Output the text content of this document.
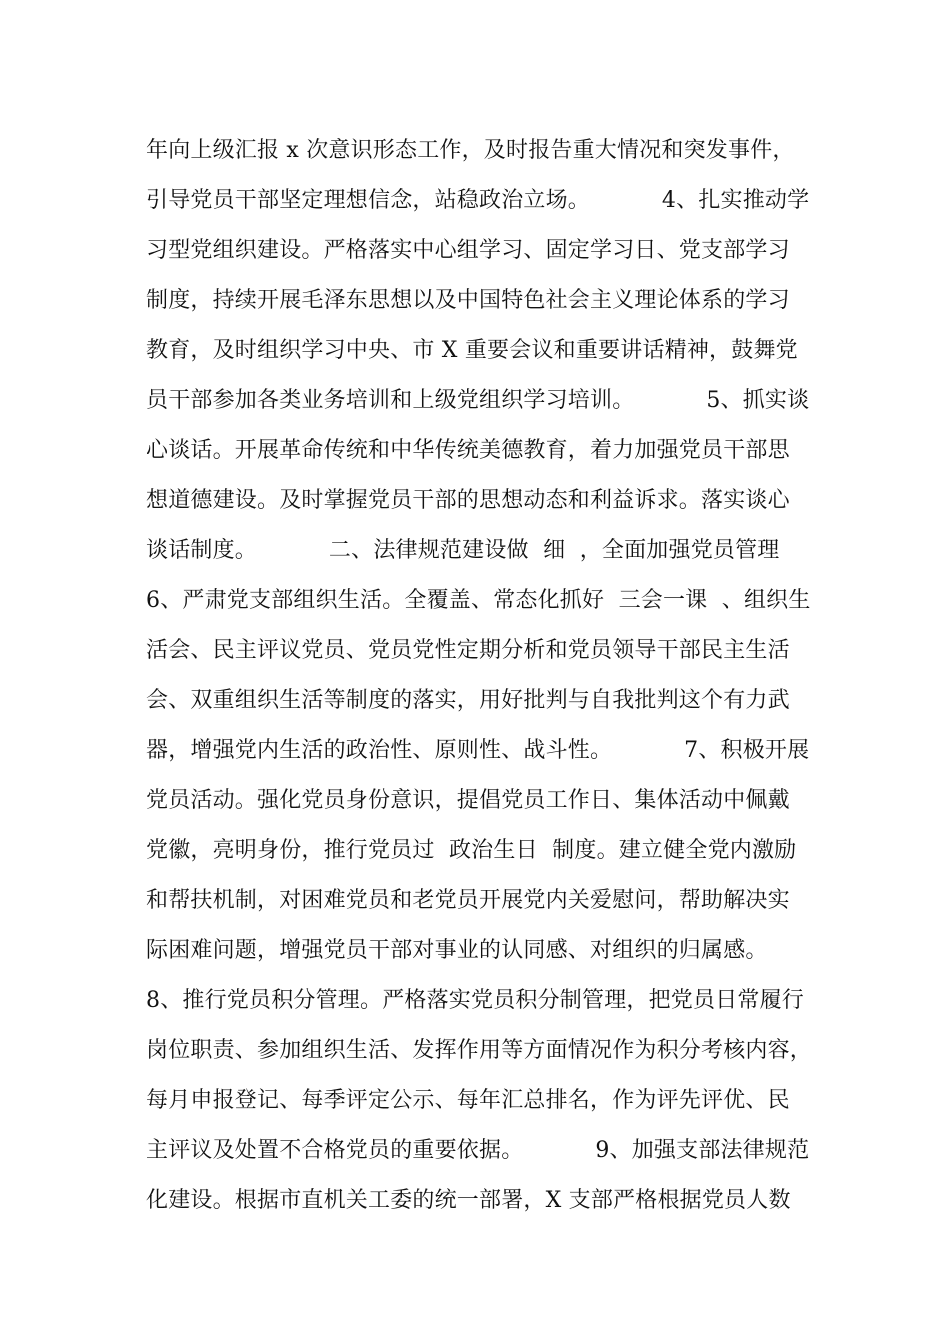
年向上级汇报 x 次意识形态工作，及时报告重大情况和突发事件，
引导党员干部坚定理想信念，站稳政治立场。          4、扎实推动学
习型党组织建设。严格落实中心组学习、固定学习日、党支部学习
制度，持续开展毛泽东思想以及中国特色社会主义理论体系的学习
教育，及时组织学习中央、市 X 重要会议和重要讲话精神，鼓舞党
员干部参加各类业务培训和上级党组织学习培训。          5、抓实谈
心谈话。开展革命传统和中华传统美德教育，着力加强党员干部思
想道德建设。及时掌握党员干部的思想动态和利益诉求。落实谈心
谈话制度。          二、法律规范建设做  细  ，全面加强党员管理
6、严肃党支部组织生活。全覆盖、常态化抓好  三会一课  、组织生
活会、民主评议党员、党员党性定期分析和党员领导干部民主生活
会、双重组织生活等制度的落实，用好批判与自我批判这个有力武
器，增强党内生活的政治性、原则性、战斗性。          7、积极开展
党员活动。强化党员身份意识，提倡党员工作日、集体活动中佩戴
党徽，亮明身份，推行党员过  政治生日  制度。建立健全党内激励
和帮扶机制，对困难党员和老党员开展党内关爱慰问，帮助解决实
际困难问题，增强党员干部对事业的认同感、对组织的归属感。
8、推行党员积分管理。严格落实党员积分制管理，把党员日常履行
岗位职责、参加组织生活、发挥作用等方面情况作为积分考核内容，
每月申报登记、每季评定公示、每年汇总排名，作为评先评优、民
主评议及处置不合格党员的重要依据。          9、加强支部法律规范
化建设。根据市直机关工委的统一部署，X 支部严格根据党员人数
